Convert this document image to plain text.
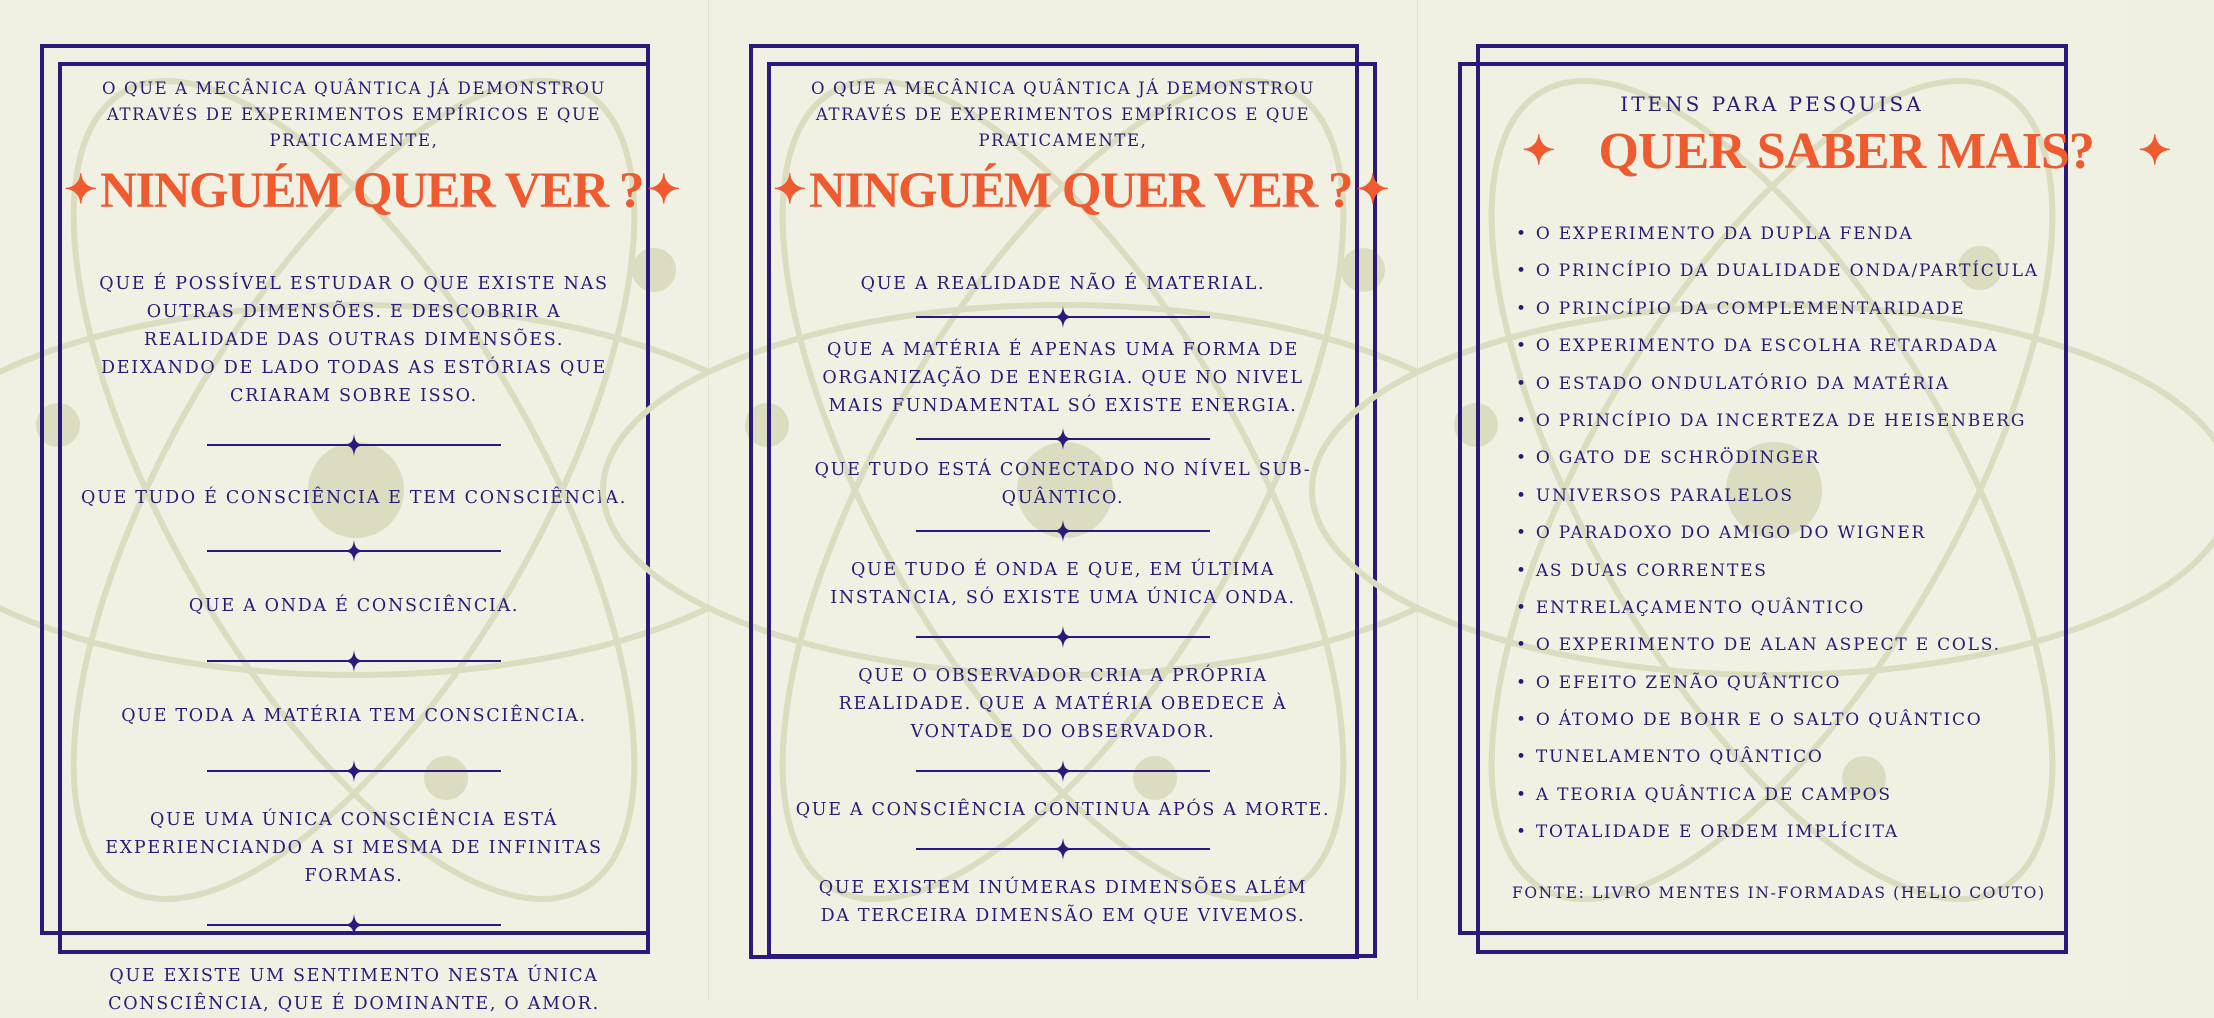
O QUE A MECÂNICA QUÂNTICA JÁ DEMONSTROU ATRAVÉS DE EXPERIMENTOS EMPÍRICOS E QUE PRATICAMENTE,

✦NINGUÉM QUER VER ? ✦

QUE É POSSÍVEL ESTUDAR O QUE EXISTE NAS OUTRAS DIMENSÕES. E DESCOBRIR A REALIDADE DAS OUTRAS DIMENSÕES. DEIXANDO DE LADO TODAS AS ESTÓRIAS QUE CRIARAM SOBRE ISSO.

QUE TUDO É CONSCIÊNCIA E TEM CONSCIÊNCIA.

QUE A ONDA É CONSCIÊNCIA.

QUE TODA A MATÉRIA TEM CONSCIÊNCIA.

QUE UMA ÚNICA CONSCIÊNCIA ESTÁ EXPERIENCIANDO A SI MESMA DE INFINITAS FORMAS.

QUE EXISTE UM SENTIMENTO NESTA ÚNICA CONSCIÊNCIA, QUE É DOMINANTE, O AMOR.

O QUE A MECÂNICA QUÂNTICA JÁ DEMONSTROU ATRAVÉS DE EXPERIMENTOS EMPÍRICOS E QUE PRATICAMENTE,

✦NINGUÉM QUER VER ? ✦

QUE A REALIDADE NÃO É MATERIAL.

QUE A MATÉRIA É APENAS UMA FORMA DE ORGANIZAÇÃO DE ENERGIA. QUE NO NIVEL MAIS FUNDAMENTAL SÓ EXISTE ENERGIA.

QUE TUDO ESTÁ CONECTADO NO NÍVEL SUB-QUÂNTICO.

QUE TUDO É ONDA E QUE, EM ÚLTIMA INSTANCIA, SÓ EXISTE UMA ÚNICA ONDA.

QUE O OBSERVADOR CRIA A PRÓPRIA REALIDADE. QUE A MATÉRIA OBEDECE À VONTADE DO OBSERVADOR.

QUE A CONSCIÊNCIA CONTINUA APÓS A MORTE.

QUE EXISTEM INÚMERAS DIMENSÕES ALÉM DA TERCEIRA DIMENSÃO EM QUE VIVEMOS.

ITENS PARA PESQUISA

✦ QUER SABER MAIS? ✦
• O EXPERIMENTO DA DUPLA FENDA
• O PRINCÍPIO DA DUALIDADE ONDA/PARTÍCULA
• O PRINCÍPIO DA COMPLEMENTARIDADE
• O EXPERIMENTO DA ESCOLHA RETARDADA
• O ESTADO ONDULATÓRIO DA MATÉRIA
• O PRINCÍPIO DA INCERTEZA DE HEISENBERG
• O GATO DE SCHRÖDINGER
• UNIVERSOS PARALELOS
• O PARADOXO DO AMIGO DO WIGNER
• AS DUAS CORRENTES
• ENTRELAÇAMENTO QUÂNTICO
• O EXPERIMENTO DE ALAN ASPECT E COLS.
• O EFEITO ZENÃO QUÂNTICO
• O ÁTOMO DE BOHR E O SALTO QUÂNTICO
• TUNELAMENTO QUÂNTICO
• A TEORIA QUÂNTICA DE CAMPOS
• TOTALIDADE E ORDEM IMPLÍCITA
FONTE: LIVRO MENTES IN-FORMADAS (HELIO COUTO)
